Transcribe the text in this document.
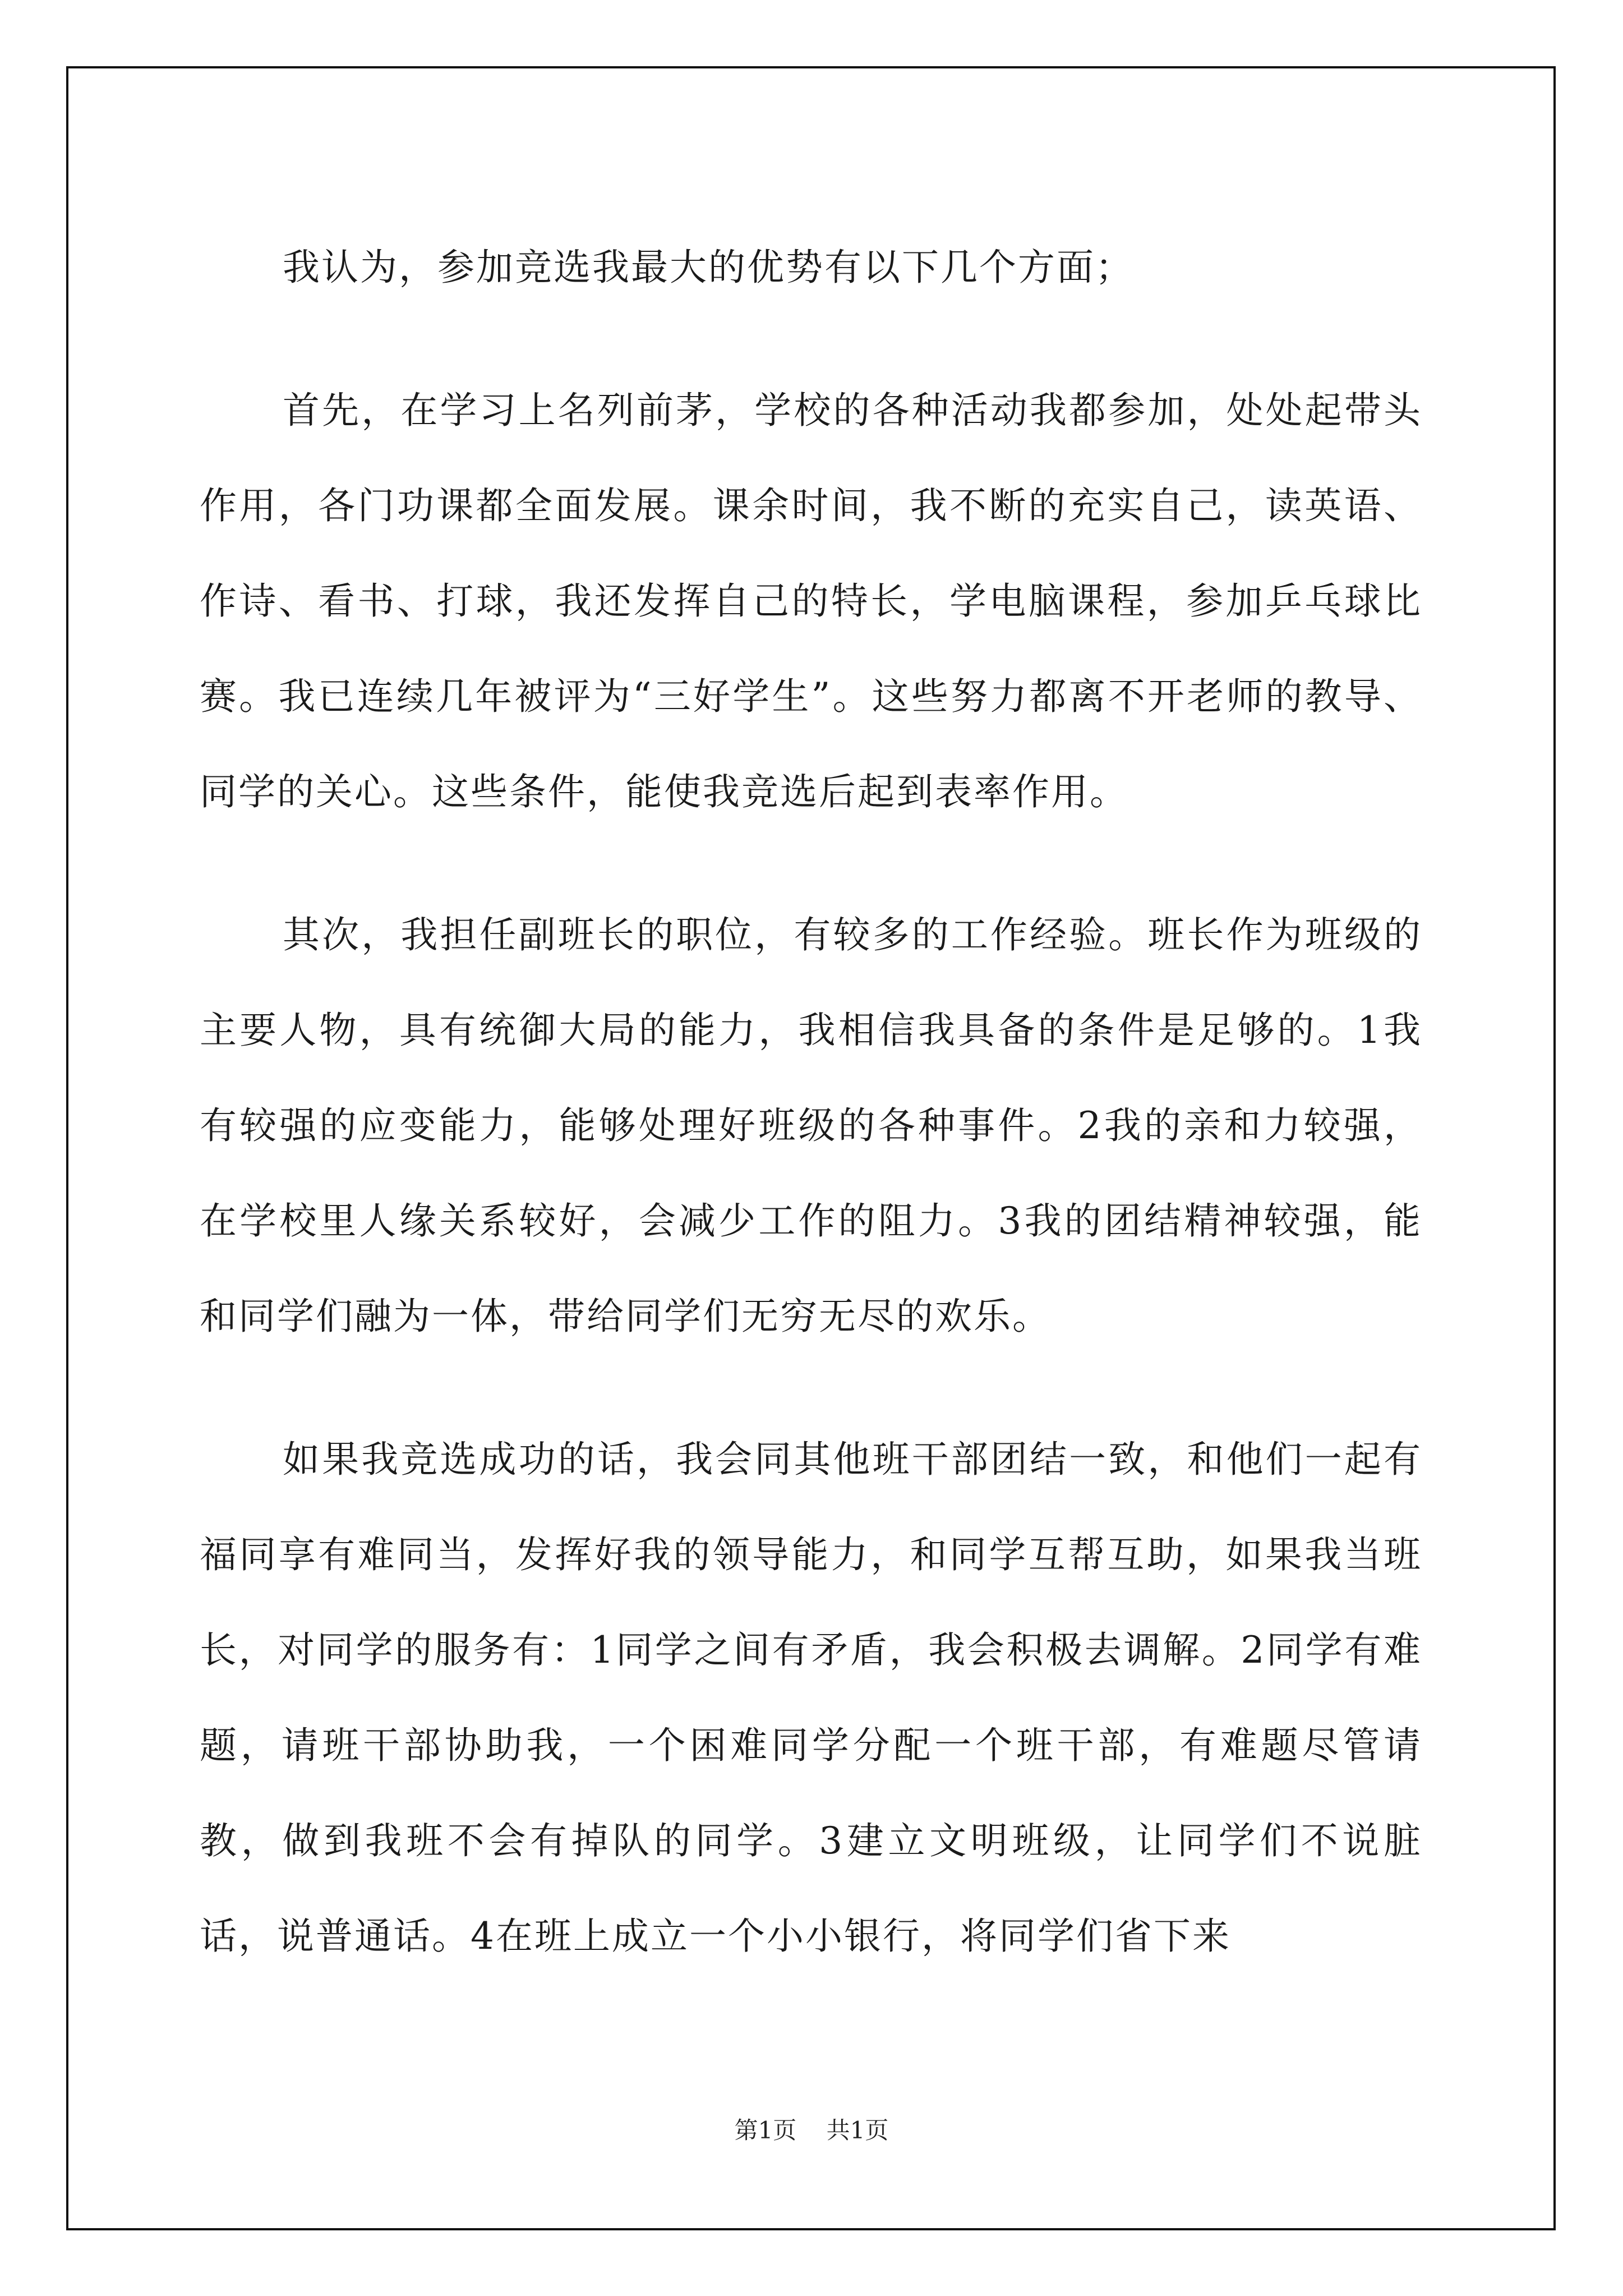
我认为，参加竞选我最大的优势有以下几个方面；

首先，在学习上名列前茅，学校的各种活动我都参加，处处起带头作用，各门功课都全面发展。课余时间，我不断的充实自己，读英语、作诗、看书、打球，我还发挥自己的特长，学电脑课程，参加乒乓球比赛。我已连续几年被评为“三好学生”。这些努力都离不开老师的教导、同学的关心。这些条件，能使我竞选后起到表率作用。

其次，我担任副班长的职位，有较多的工作经验。班长作为班级的主要人物，具有统御大局的能力，我相信我具备的条件是足够的。1我有较强的应变能力，能够处理好班级的各种事件。2我的亲和力较强，在学校里人缘关系较好，会减少工作的阻力。3我的团结精神较强，能和同学们融为一体，带给同学们无穷无尽的欢乐。

如果我竞选成功的话，我会同其他班干部团结一致，和他们一起有福同享有难同当，发挥好我的领导能力，和同学互帮互助，如果我当班长，对同学的服务有：1同学之间有矛盾，我会积极去调解。2同学有难题，请班干部协助我，一个困难同学分配一个班干部，有难题尽管请教，做到我班不会有掉队的同学。3建立文明班级，让同学们不说脏话，说普通话。4在班上成立一个小小银行，将同学们省下来

第1页 共1页
